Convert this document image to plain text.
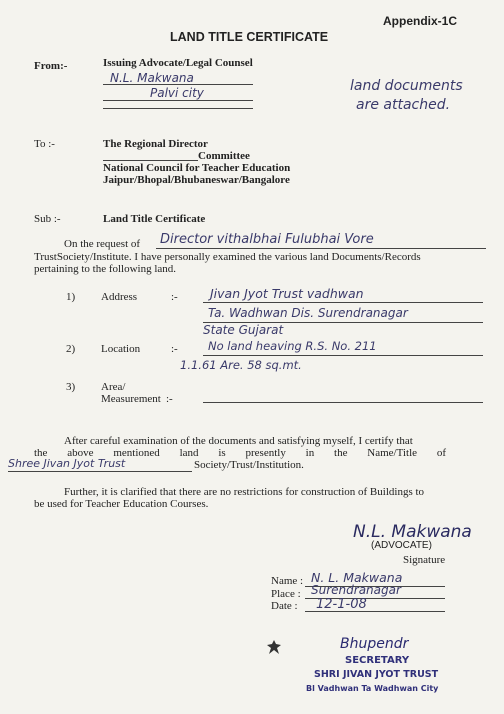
Appendix-1C
LAND TITLE CERTIFICATE
From:-	Issuing Advocate/Legal Counsel
N.L. Makwana
Palvi city	land documents
are attached.
To :-	The Regional Director
Committee
National Council for Teacher Education
Jaipur/Bhopal/Bhubaneswar/Bangalore
Sub :-	Land Title Certificate
On the request of Director vithalbhai Fulubhai Vore
TrustSociety/Institute. I have personally examined the various land Documents/Records
pertaining to the following land.
1) Address	:-	Jivan Jyot Trust vadhwan
Ta. Wadhwan Dis. Surendranagar
State Gujarat
2) Location	:-	No land heaving R.S. No. 211
1.1.61 Are. 58 sq.mt.
3) Area/
Measurement :-
After careful examination of the documents and satisfying myself, I certify that
the above mentioned land is presently in the Name/Title of
Shree Jivan Jyot Trust	Society/Trust/Institution.
Further, it is clarified that there are no restrictions for construction of Buildings to
be used for Teacher Education Courses.
N.L. Makwana
(ADVOCATE)
Signature
Name : N. L. Makwana
Place : Surendranagar
Date : 12-1-08
Bhupendr
SECRETARY
SHRI JIVAN JYOT TRUST
Bl Vadhwan Ta Wadhwan City
